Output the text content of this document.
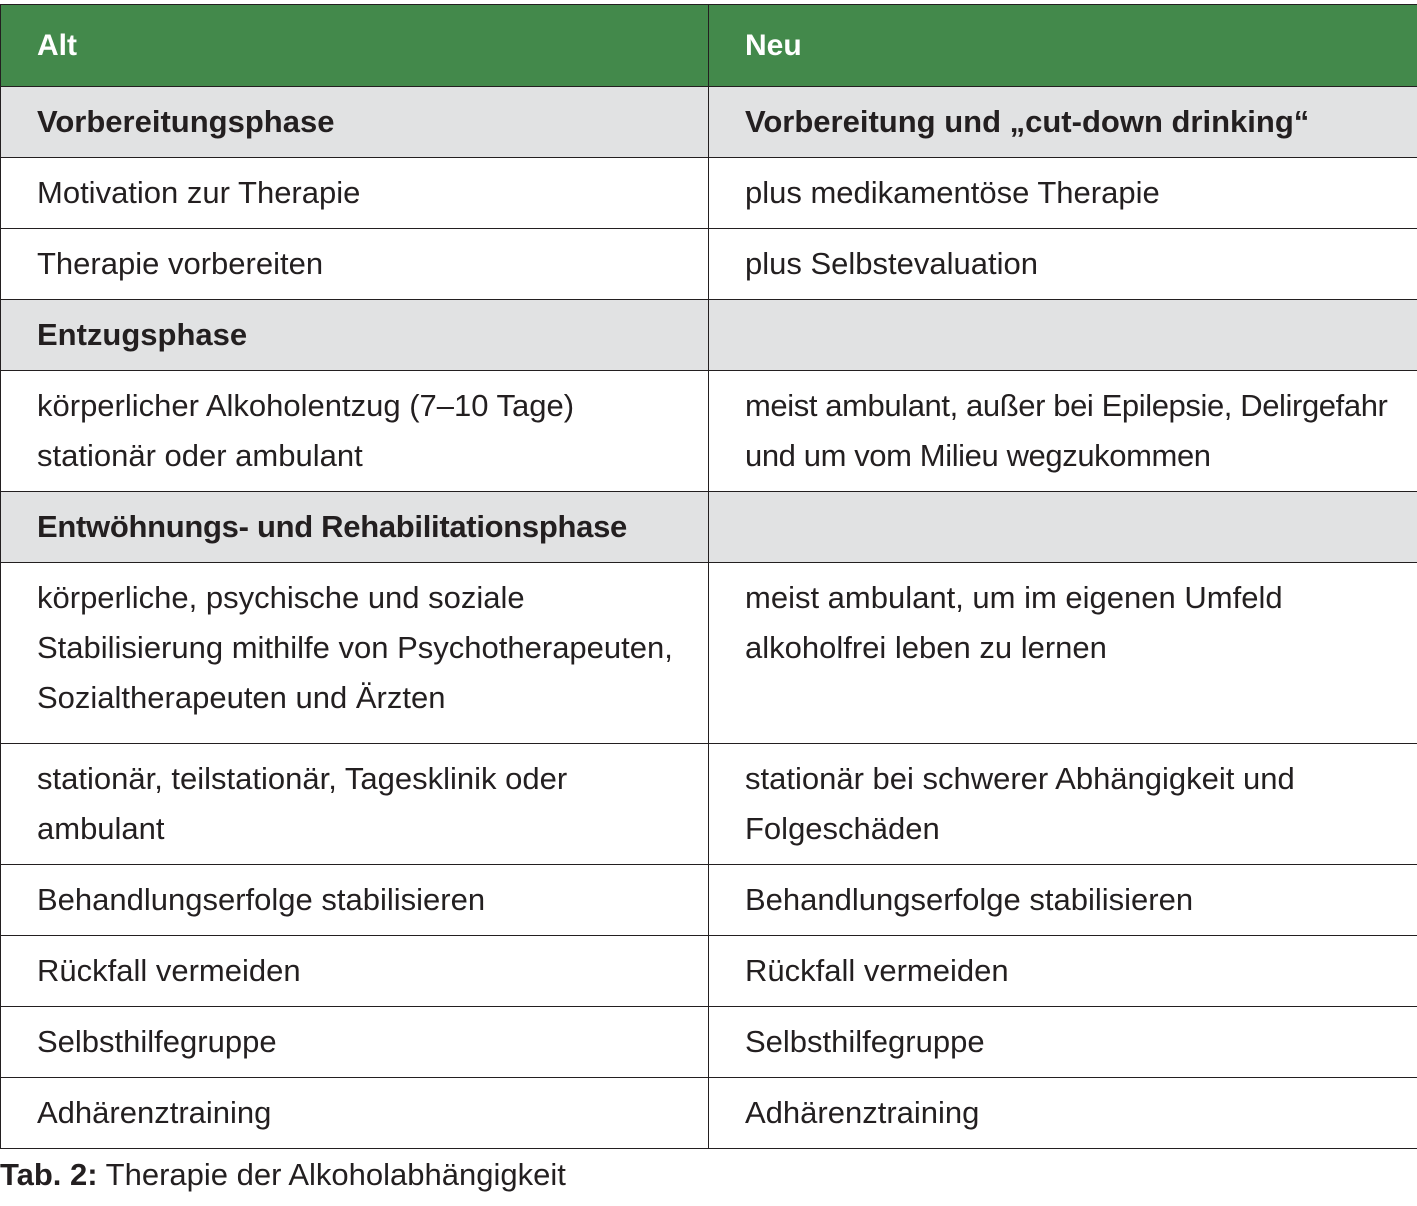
Alt	Neu
Vorbereitungsphase	Vorbereitung und „cut-down drinking“
Motivation zur Therapie	plus medikamentöse Therapie
Therapie vorbereiten	plus Selbstevaluation
Entzugsphase	
körperlicher Alkoholentzug (7–10 Tage) stationär oder ambulant	meist ambulant, außer bei Epilepsie, Delirgefahr und um vom Milieu wegzukommen
Entwöhnungs- und Rehabilitationsphase	
körperliche, psychische und soziale Stabilisierung mithilfe von Psychotherapeuten, Sozialtherapeuten und Ärzten	meist ambulant, um im eigenen Umfeld alkoholfrei leben zu lernen
stationär, teilstationär, Tagesklinik oder ambulant	stationär bei schwerer Abhängigkeit und Folgeschäden
Behandlungserfolge stabilisieren	Behandlungserfolge stabilisieren
Rückfall vermeiden	Rückfall vermeiden
Selbsthilfegruppe	Selbsthilfegruppe
Adhärenztraining	Adhärenztraining
Tab. 2: Therapie der Alkoholabhängigkeit
